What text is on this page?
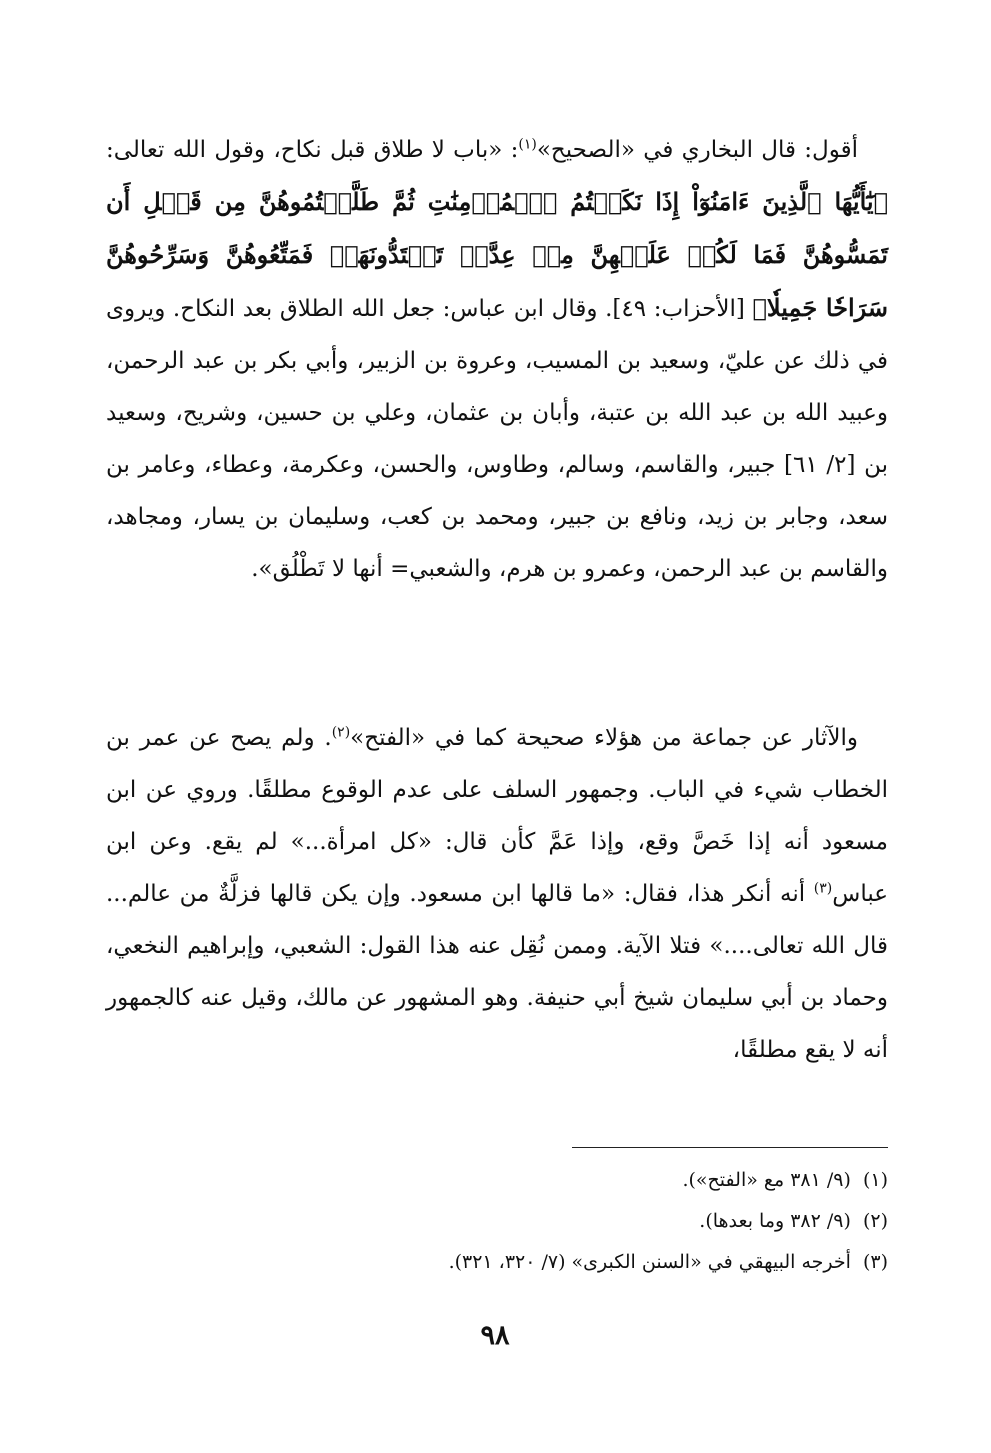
أقول: قال البخاري في «الصحيح»$^{(١)}$: «باب لا طلاق قبل نكاح، وقول الله تعالى: ﴿يَٰٓأَيُّهَا ٱلَّذِينَ ءَامَنُوٓاْ إِذَا نَكَحۡتُمُ ٱلۡمُؤۡمِنَٰتِ ثُمَّ طَلَّقۡتُمُوهُنَّ مِن قَبۡلِ أَن تَمَسُّوهُنَّ فَمَا لَكُمۡ عَلَيۡهِنَّ مِنۡ عِدَّةٖ تَعۡتَدُّونَهَاۖ فَمَتِّعُوهُنَّ وَسَرِّحُوهُنَّ سَرَاحٗا جَمِيلٗا﴾ [الأحزاب: ٤٩]. وقال ابن عباس: جعل الله الطلاق بعد النكاح. ويروى في ذلك عن عليّ، وسعيد بن المسيب، وعروة بن الزبير، وأبي بكر بن عبد الرحمن، وعبيد الله بن عبد الله بن عتبة، وأبان بن عثمان، وعلي بن حسين، وشريح، وسعيد بن [٢/ ٦١] جبير، والقاسم، وسالم، وطاوس، والحسن، وعكرمة، وعطاء، وعامر بن سعد، وجابر بن زيد، ونافع بن جبير، ومحمد بن كعب، وسليمان بن يسار، ومجاهد، والقاسم بن عبد الرحمن، وعمرو بن هرم، والشعبي= أنها لا تَطْلُق».

والآثار عن جماعة من هؤلاء صحيحة كما في «الفتح»$^{(٢)}$. ولم يصح عن عمر بن الخطاب شيء في الباب. وجمهور السلف على عدم الوقوع مطلقًا. وروي عن ابن مسعود أنه إذا خَصَّ وقع، وإذا عَمَّ كأن قال: «كل امرأة...» لم يقع. وعن ابن عباس$^{(٣)}$ أنه أنكر هذا، فقال: «ما قالها ابن مسعود. وإن يكن قالها فزلَّةٌ من عالم... قال الله تعالى....» فتلا الآية. وممن نُقِل عنه هذا القول: الشعبي، وإبراهيم النخعي، وحماد بن أبي سليمان شيخ أبي حنيفة. وهو المشهور عن مالك، وقيل عنه كالجمهور أنه لا يقع مطلقًا،

(١)(٩/ ٣٨١ مع «الفتح»).
(٢)(٩/ ٣٨٢ وما بعدها).
(٣)أخرجه البيهقي في «السنن الكبرى» (٧/ ٣٢٠، ٣٢١).
٩٨
